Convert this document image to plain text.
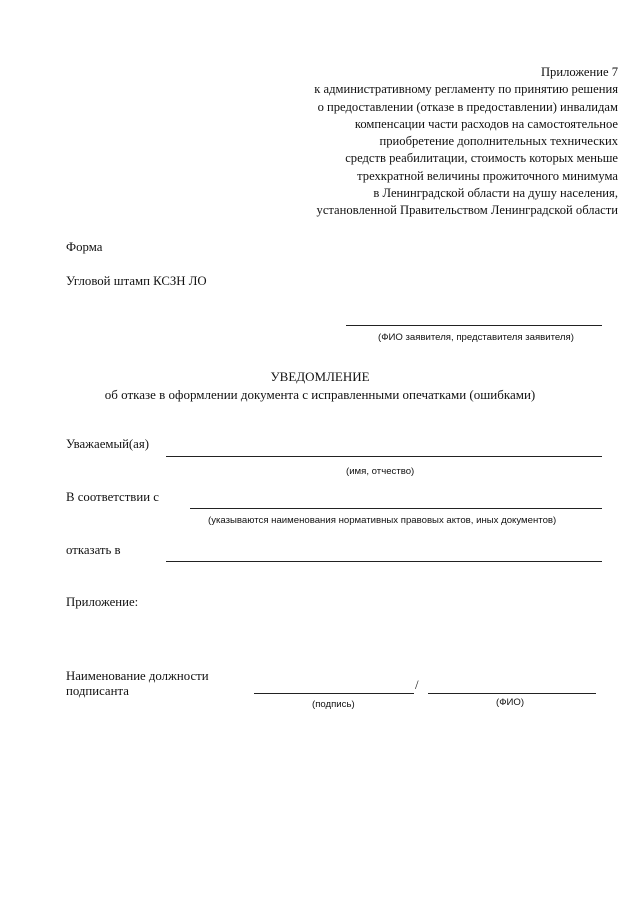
Приложение 7
к административному регламенту по принятию решения
о предоставлении (отказе в предоставлении) инвалидам
компенсации части расходов на самостоятельное
приобретение дополнительных технических
средств реабилитации, стоимость которых меньше
трехкратной величины прожиточного минимума
в Ленинградской области на душу населения,
установленной Правительством Ленинградской области
Форма
Угловой штамп КСЗН ЛО
(ФИО заявителя, представителя заявителя)
УВЕДОМЛЕНИЕ
об отказе в оформлении документа с исправленными опечатками (ошибками)
Уважаемый(ая)
(имя, отчество)
В соответствии с
(указываются наименования нормативных правовых актов, иных документов)
отказать в
Приложение:
Наименование должности
подписанта	/
(подпись)	(ФИО)
